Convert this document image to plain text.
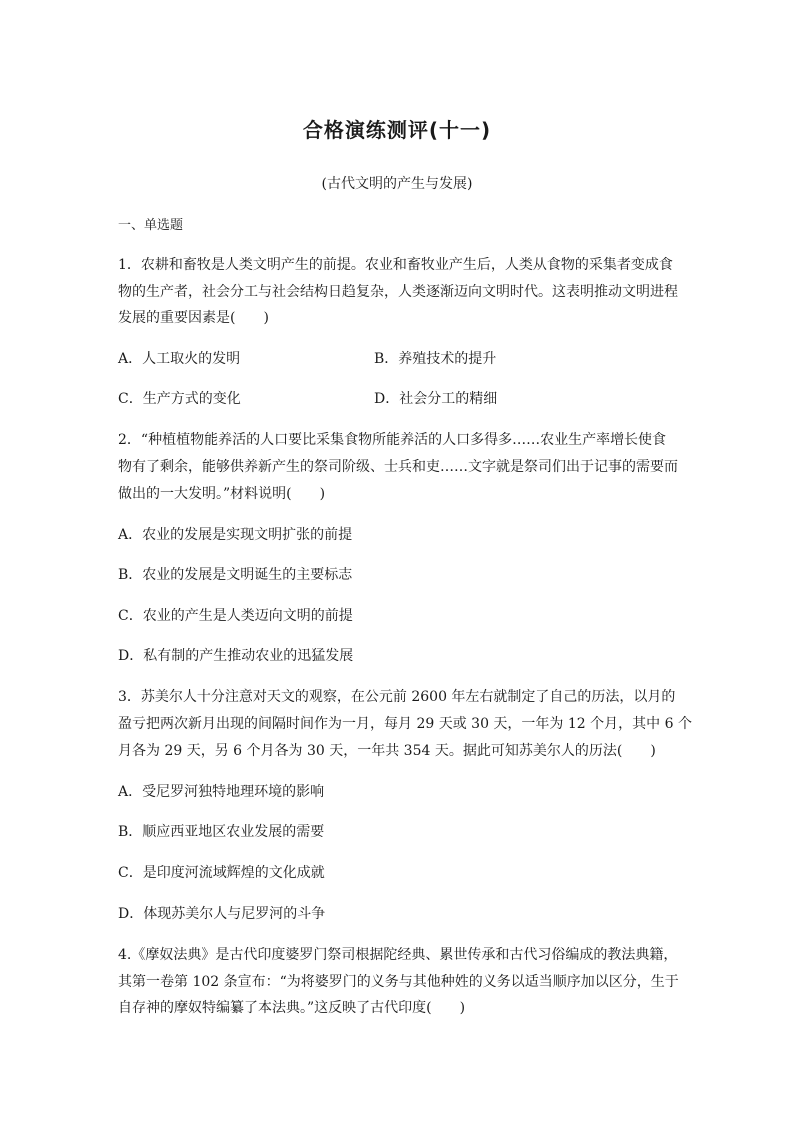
合格演练测评(十一)
(古代文明的产生与发展)
一、单选题
1．农耕和畜牧是人类文明产生的前提。农业和畜牧业产生后，人类从食物的采集者变成食
物的生产者，社会分工与社会结构日趋复杂，人类逐渐迈向文明时代。这表明推动文明进程
发展的重要因素是(　　)
A．人工取火的发明	B．养殖技术的提升
C．生产方式的变化	D．社会分工的精细
2．“种植植物能养活的人口要比采集食物所能养活的人口多得多……农业生产率增长使食
物有了剩余，能够供养新产生的祭司阶级、士兵和吏……文字就是祭司们出于记事的需要而
做出的一大发明。”材料说明(　　)
A．农业的发展是实现文明扩张的前提
B．农业的发展是文明诞生的主要标志
C．农业的产生是人类迈向文明的前提
D．私有制的产生推动农业的迅猛发展
3．苏美尔人十分注意对天文的观察，在公元前 2600 年左右就制定了自己的历法，以月的
盈亏把两次新月出现的间隔时间作为一月，每月 29 天或 30 天，一年为 12 个月，其中 6 个
月各为 29 天，另 6 个月各为 30 天，一年共 354 天。据此可知苏美尔人的历法(　　)
A．受尼罗河独特地理环境的影响
B．顺应西亚地区农业发展的需要
C．是印度河流域辉煌的文化成就
D．体现苏美尔人与尼罗河的斗争
4.《摩奴法典》是古代印度婆罗门祭司根据陀经典、累世传承和古代习俗编成的教法典籍，
其第一卷第 102 条宣布：“为将婆罗门的义务与其他种姓的义务以适当顺序加以区分，生于
自存神的摩奴特编纂了本法典。”这反映了古代印度(　　)
